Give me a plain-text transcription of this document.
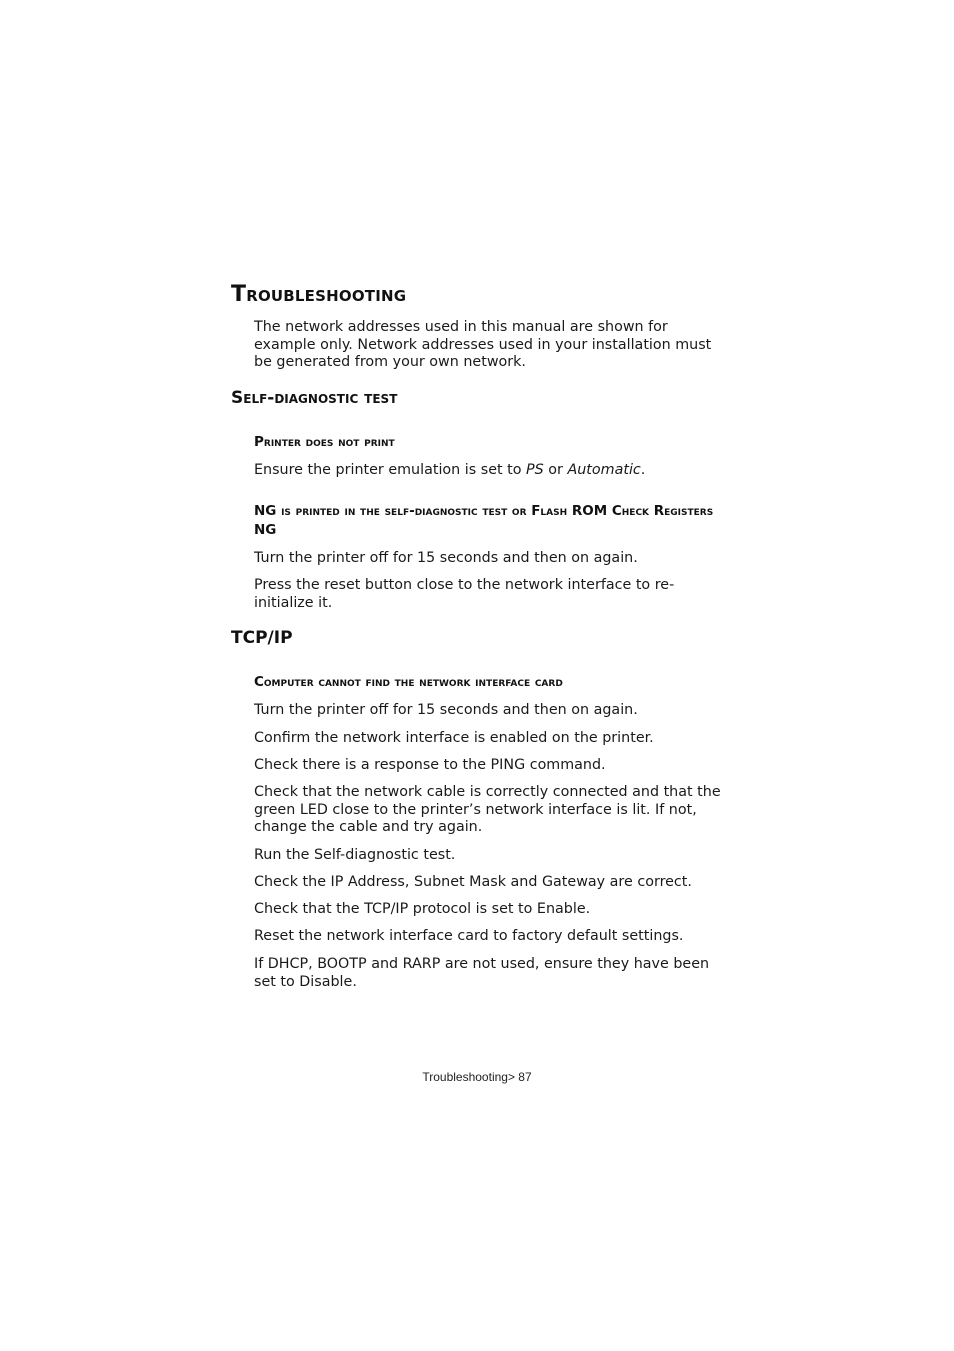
Troubleshooting

The network addresses used in this manual are shown for example only. Network addresses used in your installation must be generated from your own network.

Self-diagnostic test
Printer does not print

Ensure the printer emulation is set to PS or Automatic.

NG is printed in the self-diagnostic test or Flash ROM Check Registers NG

Turn the printer off for 15 seconds and then on again.

Press the reset button close to the network interface to re-initialize it.

TCP/IP
Computer cannot find the network interface card

Turn the printer off for 15 seconds and then on again.

Confirm the network interface is enabled on the printer.

Check there is a response to the PING command.

Check that the network cable is correctly connected and that the green LED close to the printer’s network interface is lit. If not, change the cable and try again.

Run the Self-diagnostic test.

Check the IP Address, Subnet Mask and Gateway are correct.

Check that the TCP/IP protocol is set to Enable.

Reset the network interface card to factory default settings.

If DHCP, BOOTP and RARP are not used, ensure they have been set to Disable.

Troubleshooting> 87
